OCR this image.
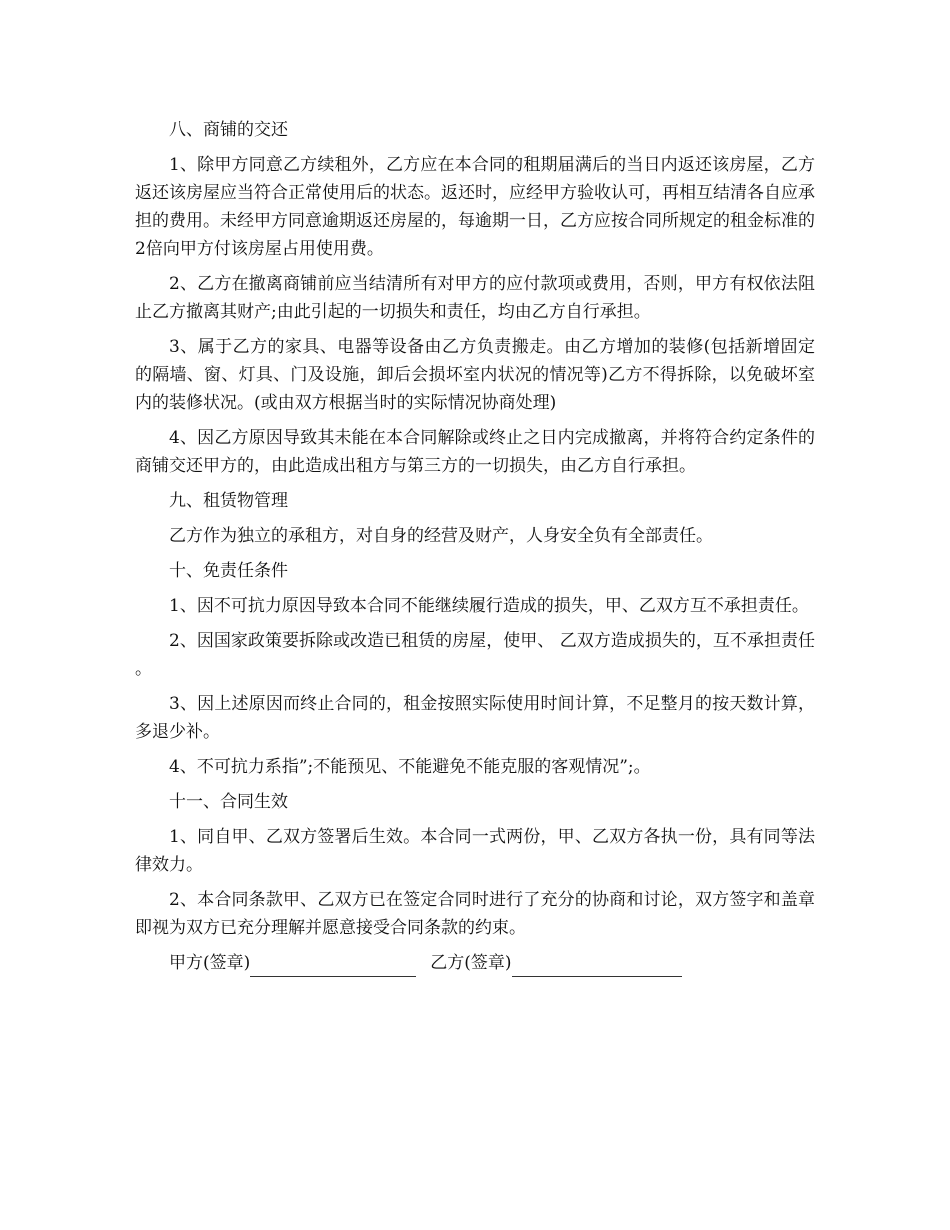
八、商铺的交还

1、除甲方同意乙方续租外，乙方应在本合同的租期届满后的当日内返还该房屋，乙方返还该房屋应当符合正常使用后的状态。返还时，应经甲方验收认可，再相互结清各自应承担的费用。未经甲方同意逾期返还房屋的，每逾期一日，乙方应按合同所规定的租金标准的2倍向甲方付该房屋占用使用费。

2、乙方在撤离商铺前应当结清所有对甲方的应付款项或费用，否则，甲方有权依法阻止乙方撤离其财产;由此引起的一切损失和责任，均由乙方自行承担。

3、属于乙方的家具、电器等设备由乙方负责搬走。由乙方增加的装修(包括新增固定的隔墙、窗、灯具、门及设施，卸后会损坏室内状况的情况等)乙方不得拆除，以免破坏室内的装修状况。(或由双方根据当时的实际情况协商处理)

4、因乙方原因导致其未能在本合同解除或终止之日内完成撤离，并将符合约定条件的商铺交还甲方的，由此造成出租方与第三方的一切损失，由乙方自行承担。

九、租赁物管理

乙方作为独立的承租方，对自身的经营及财产，人身安全负有全部责任。

十、免责任条件

1、因不可抗力原因导致本合同不能继续履行造成的损失，甲、乙双方互不承担责任。

2、因国家政策要拆除或改造已租赁的房屋，使甲、 乙双方造成损失的，互不承担责任。

3、因上述原因而终止合同的，租金按照实际使用时间计算，不足整月的按天数计算，多退少补。

4、不可抗力系指”;不能预见、不能避免不能克服的客观情况”;。

十一、合同生效

1、同自甲、乙双方签署后生效。本合同一式两份，甲、乙双方各执一份，具有同等法律效力。

2、本合同条款甲、乙双方已在签定合同时进行了充分的协商和讨论，双方签字和盖章即视为双方已充分理解并愿意接受合同条款的约束。

甲方(签章)	乙方(签章)
